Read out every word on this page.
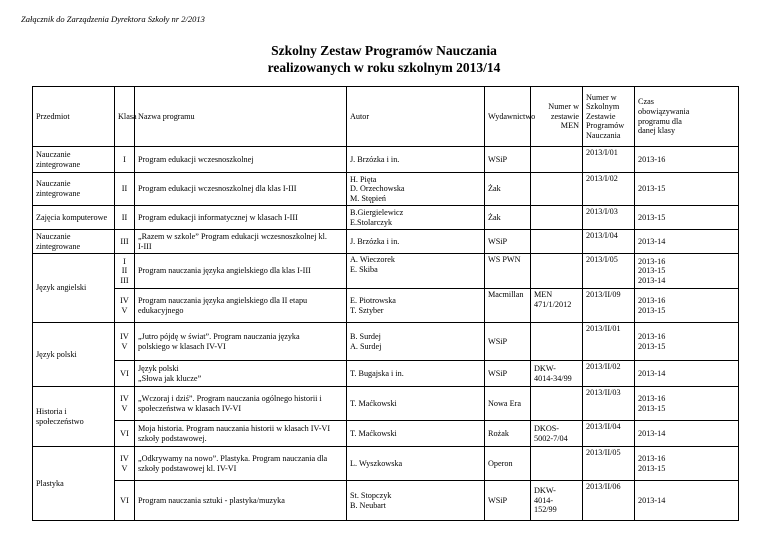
Załącznik do Zarządzenia Dyrektora Szkoły nr 2/2013
Szkolny Zestaw Programów Nauczania
realizowanych w roku szkolnym 2013/14
Przedmiot	Klasa	Nazwa programu	Autor	Wydawnictwo	Numer w
zestawie
MEN	Numer w
Szkolnym
Zestawie
Programów
Nauczania	Czas
obowiązywania
programu dla
danej klasy
Nauczanie
zintegrowane	I	Program edukacji wczesnoszkolnej	J. Brzózka i in.	WSiP		2013/I/01	2013-16
Nauczanie
zintegrowane	II	Program edukacji wczesnoszkolnej dla klas I-III	H. Pięta
D. Orzechowska
M. Stępień	Żak		2013/I/02	2013-15
Zajęcia komputerowe	II	Program edukacji informatycznej w klasach I-III	B.Giergielewicz
E.Stolarczyk	Żak		2013/I/03	2013-15
Nauczanie
zintegrowane	III	„Razem w szkole” Program edukacji wczesnoszkolnej kl.
I-III	J. Brzózka i in.	WSiP		2013/I/04	2013-14
Język angielski	I
II
III	Program nauczania języka angielskiego dla klas I-III	A. Wieczorek
E. Skiba	WS PWN		2013/I/05	2013-16
2013-15
2013-14
	IV
V	Program nauczania języka angielskiego dla II etapu
edukacyjnego	E. Piotrowska
T. Sztyber	Macmillan	MEN
471/1/2012	2013/II/09	2013-16
2013-15
Język polski	IV
V	„Jutro pójdę w świat”. Program nauczania języka
polskiego w klasach IV-VI	B. Surdej
A. Surdej	WSiP		2013/II/01	2013-16
2013-15
	VI	Język polski
„Słowa jak klucze”	T. Bugajska i in.	WSiP	DKW-
4014-34/99	2013/II/02	2013-14
Historia i
społeczeństwo	IV
V	„Wczoraj i dziś”. Program nauczania ogólnego historii i
społeczeństwa w klasach IV-VI	T. Maćkowski	Nowa Era		2013/II/03	2013-16
2013-15
	VI	Moja historia. Program nauczania historii w klasach IV-VI
szkoły podstawowej.	T. Maćkowski	Rożak	DKOS-
5002-7/04	2013/II/04	2013-14
Plastyka	IV
V	„Odkrywamy na nowo”. Plastyka. Program nauczania dla
szkoły podstawowej kl. IV-VI	L. Wyszkowska	Operon		2013/II/05	2013-16
2013-15
	VI	Program nauczania sztuki - plastyka/muzyka	St. Stopczyk
B. Neubart	WSiP	DKW-
4014-
152/99	2013/II/06	2013-14
